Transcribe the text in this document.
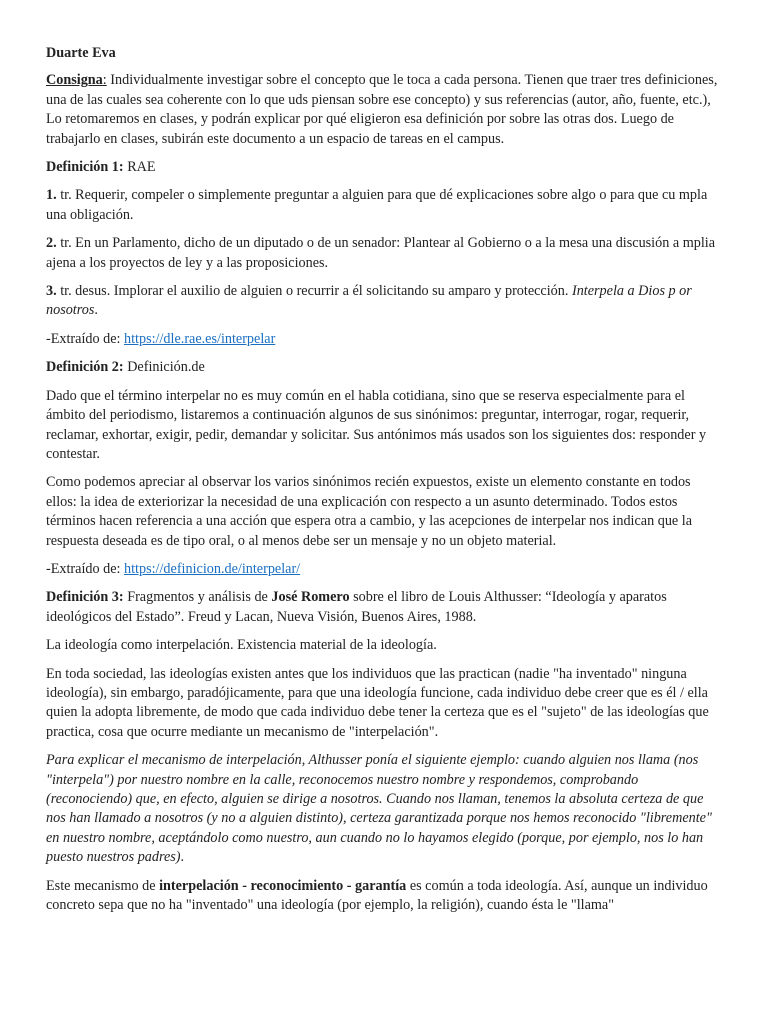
Duarte Eva
Consigna: Individualmente investigar sobre el concepto que le toca a cada persona. Tienen que traer tres definiciones, una de las cuales sea coherente con lo que uds piensan sobre ese concepto) y sus referencias (autor, año, fuente, etc.), Lo retomaremos en clases, y podrán explicar por qué eligieron esa definición por sobre las otras dos. Luego de trabajarlo en clases, subirán este documento a un espacio de tareas en el campus.
Definición 1: RAE
1. tr. Requerir, compeler o simplemente preguntar a alguien para que dé explicaciones sobre algo o para que cu mpla una obligación.
2. tr. En un Parlamento, dicho de un diputado o de un senador: Plantear al Gobierno o a la mesa una discusión a mplia ajena a los proyectos de ley y a las proposiciones.
3. tr. desus. Implorar el auxilio de alguien o recurrir a él solicitando su amparo y protección. Interpela a Dios p or nosotros.
-Extraído de: https://dle.rae.es/interpelar
Definición 2: Definición.de
Dado que el término interpelar no es muy común en el habla cotidiana, sino que se reserva especialmente para el ámbito del periodismo, listaremos a continuación algunos de sus sinónimos: preguntar, interrogar, rogar, requerir, reclamar, exhortar, exigir, pedir, demandar y solicitar. Sus antónimos más usados son los siguientes dos: responder y contestar.
Como podemos apreciar al observar los varios sinónimos recién expuestos, existe un elemento constante en todos ellos: la idea de exteriorizar la necesidad de una explicación con respecto a un asunto determinado. Todos estos términos hacen referencia a una acción que espera otra a cambio, y las acepciones de interpelar nos indican que la respuesta deseada es de tipo oral, o al menos debe ser un mensaje y no un objeto material.
-Extraído de: https://definicion.de/interpelar/
Definición 3: Fragmentos y análisis de José Romero sobre el libro de Louis Althusser: “Ideología y aparatos ideológicos del Estado”. Freud y Lacan, Nueva Visión, Buenos Aires, 1988.
La ideología como interpelación. Existencia material de la ideología.
En toda sociedad, las ideologías existen antes que los individuos que las practican (nadie "ha inventado" ninguna ideología), sin embargo, paradójicamente, para que una ideología funcione, cada individuo debe creer que es él / ella quien la adopta libremente, de modo que cada individuo debe tener la certeza que es el "sujeto" de las ideologías que practica, cosa que ocurre mediante un mecanismo de "interpelación".
Para explicar el mecanismo de interpelación, Althusser ponía el siguiente ejemplo: cuando alguien nos llama (nos "interpela") por nuestro nombre en la calle, reconocemos nuestro nombre y respondemos, comprobando (reconociendo) que, en efecto, alguien se dirige a nosotros. Cuando nos llaman, tenemos la absoluta certeza de que nos han llamado a nosotros (y no a alguien distinto), certeza garantizada porque nos hemos reconocido "libremente" en nuestro nombre, aceptándolo como nuestro, aun cuando no lo hayamos elegido (porque, por ejemplo, nos lo han puesto nuestros padres).
Este mecanismo de interpelación - reconocimiento - garantía es común a toda ideología. Así, aunque un individuo concreto sepa que no ha "inventado" una ideología (por ejemplo, la religión), cuando ésta le "llama"
